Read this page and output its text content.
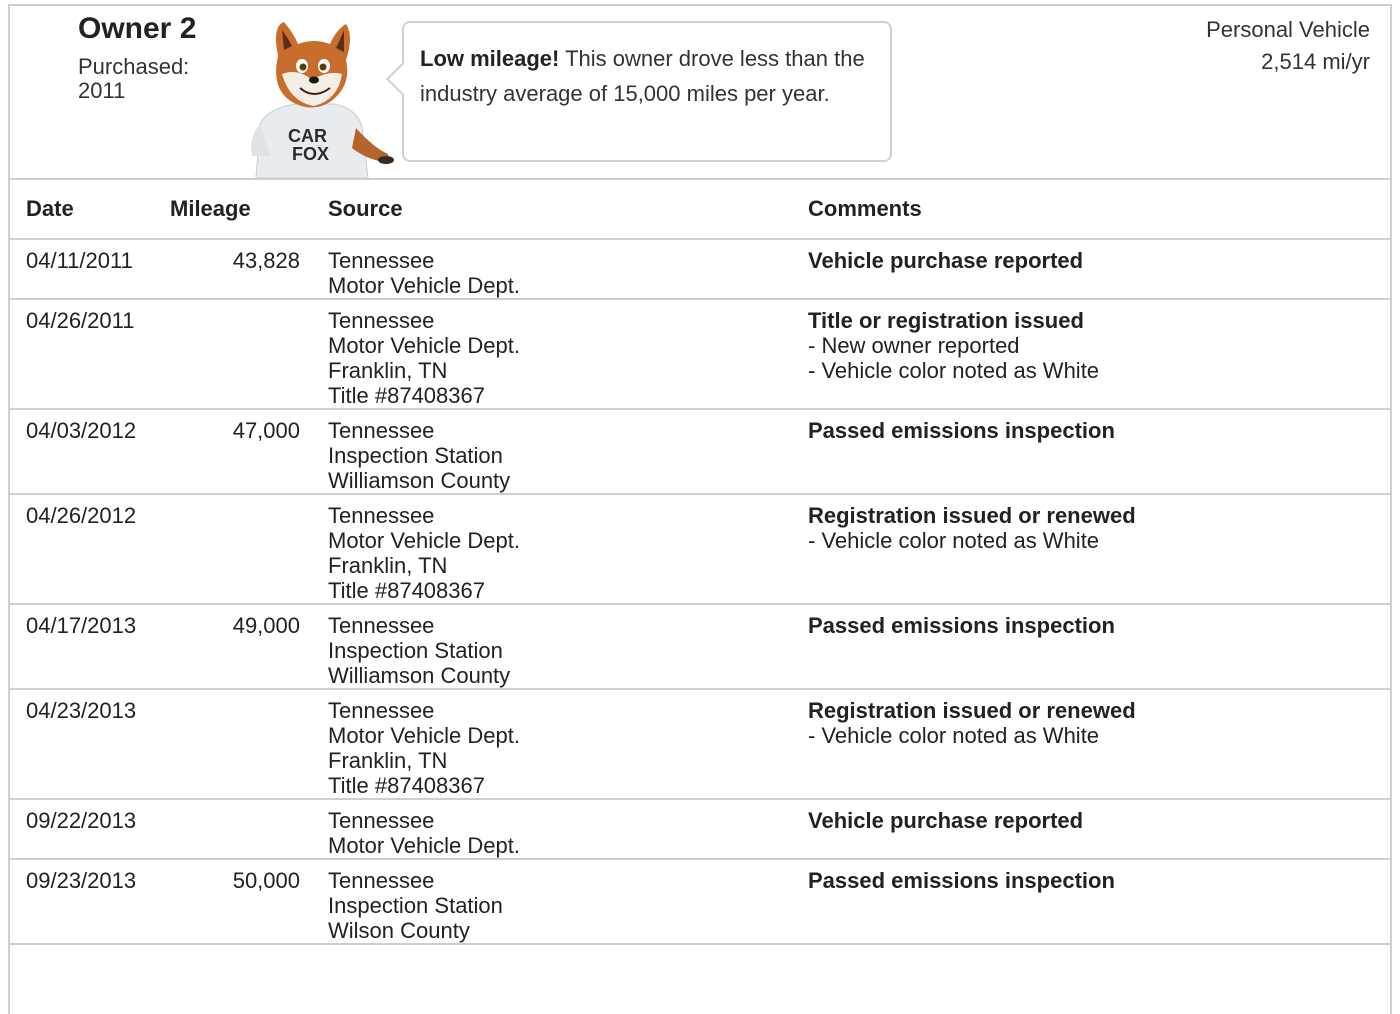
Owner 2
Purchased:
2011
CAR
FOX
Low mileage! This owner drove less than the industry average of 15,000 miles per year.
Personal Vehicle
2,514 mi/yr
Date	Mileage	Source	Comments
04/11/2011	43,828	Tennessee
Motor Vehicle Dept.	Vehicle purchase reported

04/26/2011		Tennessee
Motor Vehicle Dept.
Franklin, TN
Title #87408367	Title or registration issued
- New owner reported
- Vehicle color noted as White

04/03/2012	47,000	Tennessee
Inspection Station
Williamson County	Passed emissions inspection

04/26/2012		Tennessee
Motor Vehicle Dept.
Franklin, TN
Title #87408367	Registration issued or renewed
- Vehicle color noted as White

04/17/2013	49,000	Tennessee
Inspection Station
Williamson County	Passed emissions inspection

04/23/2013		Tennessee
Motor Vehicle Dept.
Franklin, TN
Title #87408367	Registration issued or renewed
- Vehicle color noted as White

09/22/2013		Tennessee
Motor Vehicle Dept.	Vehicle purchase reported

09/23/2013	50,000	Tennessee
Inspection Station
Wilson County	Passed emissions inspection
